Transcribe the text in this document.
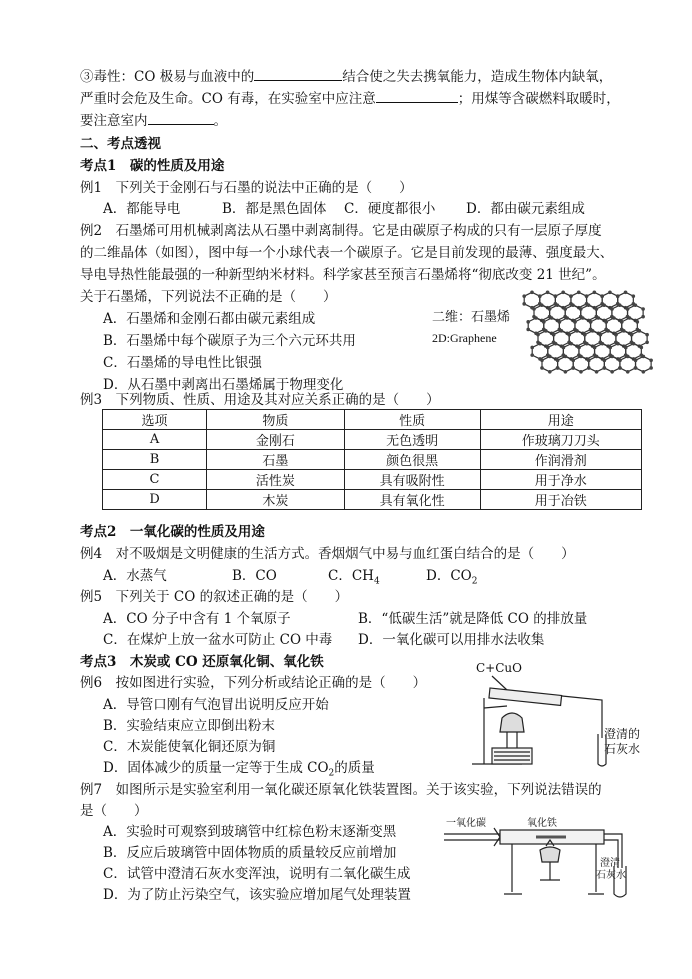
③毒性：CO 极易与血液中的	结合使之失去携氧能力，造成生物体内缺氧，
严重时会危及生命。CO 有毒，在实验室中应注意	；用煤等含碳燃料取暖时，
要注意室内	。
二、考点透视
考点1　碳的性质及用途
例1　下列关于金刚石与石墨的说法中正确的是（　　）
A．都能导电	B．都是黑色固体 C．硬度都很小 D．都由碳元素组成
例2　石墨烯可用机械剥离法从石墨中剥离制得。它是由碳原子构成的只有一层原子厚度
的二维晶体（如图），图中每一个小球代表一个碳原子。它是目前发现的最薄、强度最大、
导电导热性能最强的一种新型纳米材料。科学家甚至预言石墨烯将“彻底改变 21 世纪”。
关于石墨烯，下列说法不正确的是（　　）
A．石墨烯和金刚石都由碳元素组成
B．石墨烯中每个碳原子为三个六元环共用
C．石墨烯的导电性比银强
D．从石墨中剥离出石墨烯属于物理变化
二维：石墨烯
2D:Graphene
例3　下列物质、性质、用途及其对应关系正确的是（　　）
选项	物质	性质	用途
A	金刚石	无色透明	作玻璃刀刀头
B	石墨	颜色很黑	作润滑剂
C	活性炭	具有吸附性	用于净水
D	木炭	具有氧化性	用于冶铁
考点2　一氧化碳的性质及用途
例4　对不吸烟是文明健康的生活方式。香烟烟气中易与血红蛋白结合的是（　　）
A．水蒸气	B．CO	C．$CH_4$	D．$CO_2$
例5　下列关于 CO 的叙述正确的是（　　）
A．CO 分子中含有 1 个氧原子	B．“低碳生活”就是降低 CO 的排放量
C．在煤炉上放一盆水可防止 CO 中毒 D．一氧化碳可以用排水法收集
考点3　木炭或 CO 还原氧化铜、氧化铁
例6　按如图进行实验，下列分析或结论正确的是（　　）
A．导管口刚有气泡冒出说明反应开始
B．实验结束应立即倒出粉末
C．木炭能使氧化铜还原为铜
D．固体减少的质量一定等于生成 $CO_2$的质量
C+CuO
澄清的
石灰水
例7　如图所示是实验室利用一氧化碳还原氧化铁装置图。关于该实验，下列说法错误的
是（　　）
A．实验时可观察到玻璃管中红棕色粉末逐渐变黑
B．反应后玻璃管中固体物质的质量较反应前增加
C．试管中澄清石灰水变浑浊，说明有二氧化碳生成
D．为了防止污染空气，该实验应增加尾气处理装置
一氧化碳	氧化铁
澄清
石灰水
